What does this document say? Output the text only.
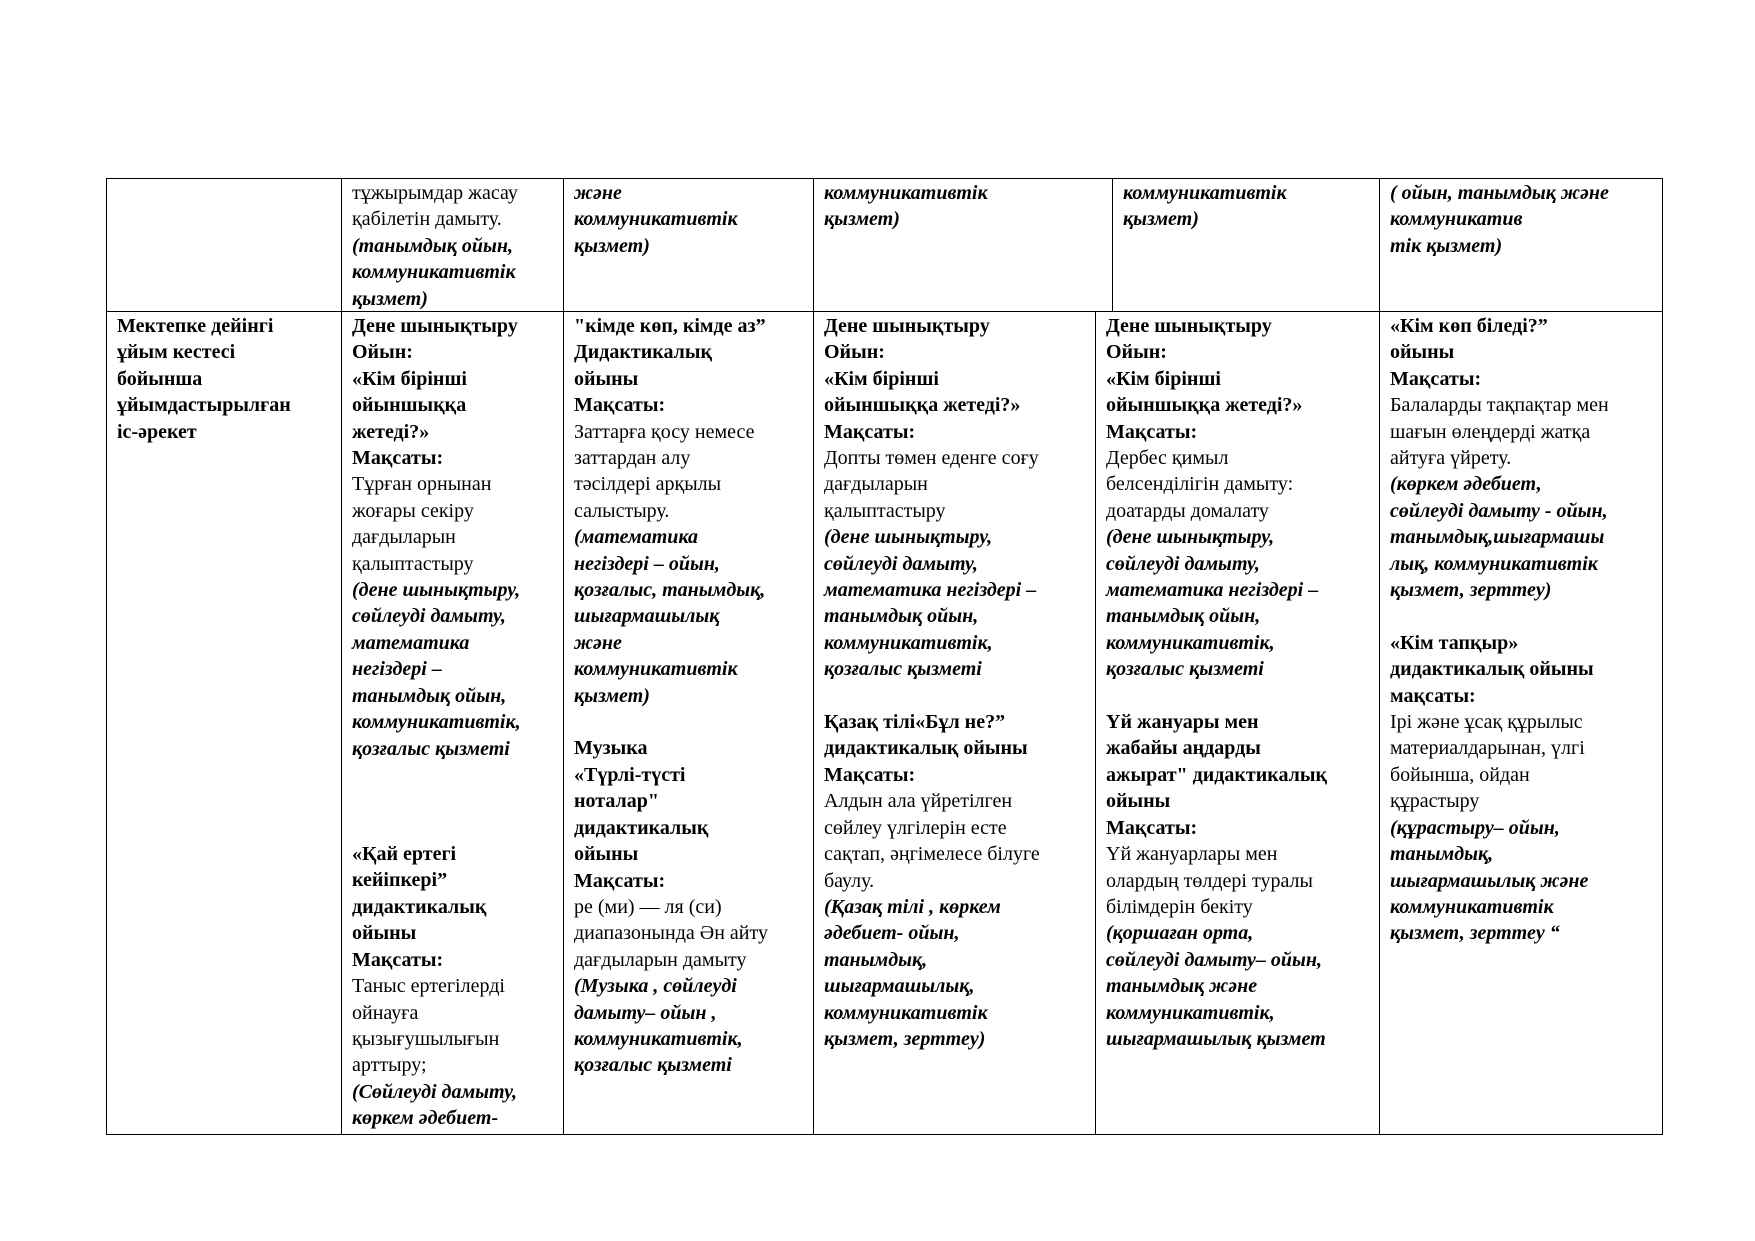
тұжырымдар жасау
қабілетін дамыту.
(танымдық ойын,
коммуникативтік
қызмет)
және
коммуникативтік
қызмет)
коммуникативтік
қызмет)
коммуникативтік
қызмет)
( ойын, танымдық және
коммуникатив
тік қызмет)
Мектепке дейінгі
ұйым кестесі
бойынша
ұйымдастырылған
іс-әрекет
Дене шынықтыру
Ойын:
«Кім бірінші
ойыншыққа
жетеді?»
Мақсаты:
Тұрған орнынан
жоғары секіру
дағдыларын
қалыптастыру
(дене шынықтыру,
сөйлеуді дамыту,
математика
негіздері –
танымдық ойын,
коммуникативтік,
қозғалыс қызметі
«Қай ертегі
кейіпкері”
дидактикалық
ойыны
Мақсаты:
Таныс ертегілерді
ойнауға
қызығушылығын
арттыру;
(Сөйлеуді дамыту,
көркем әдебиет-
"кімде көп, кімде аз”
Дидактикалық
ойыны
Мақсаты:
Заттарға қосу немесе
заттардан алу
тәсілдері арқылы
салыстыру.
(математика
негіздері – ойын,
қозғалыс, танымдық,
шығармашылық
және
коммуникативтік
қызмет)
Музыка
«Түрлі-түсті
ноталар"
дидактикалық
ойыны
Мақсаты:
ре (ми) — ля (си)
диапазонында Ән айту
дағдыларын дамыту
(Музыка , сөйлеуді
дамыту– ойын ,
коммуникативтік,
қозғалыс қызметі
Дене шынықтыру
Ойын:
«Кім бірінші
ойыншыққа жетеді?»
Мақсаты:
Допты төмен еденге соғу
дағдыларын
қалыптастыру
(дене шынықтыру,
сөйлеуді дамыту,
математика негіздері –
танымдық ойын,
коммуникативтік,
қозғалыс қызметі
Қазақ тілі«Бұл не?”
дидактикалық ойыны
Мақсаты:
Алдын ала үйретілген
сөйлеу үлгілерін есте
сақтап, әңгімелесе білуге
баулу.
(Қазақ тілі , көркем
әдебиет- ойын,
танымдық,
шығармашылық,
коммуникативтік
қызмет, зерттеу)
Дене шынықтыру
Ойын:
«Кім бірінші
ойыншыққа жетеді?»
Мақсаты:
Дербес қимыл
белсенділігін дамыту:
доатарды домалату
(дене шынықтыру,
сөйлеуді дамыту,
математика негіздері –
танымдық ойын,
коммуникативтік,
қозғалыс қызметі
Үй жануары мен
жабайы аңдарды
ажырат" дидактикалық
ойыны
Мақсаты:
Үй жануарлары мен
олардың төлдері туралы
білімдерін бекіту
(қоршаған орта,
сөйлеуді дамыту– ойын,
танымдық және
коммуникативтік,
шығармашылық қызмет
«Кім көп біледі?”
ойыны
Мақсаты:
Балаларды тақпақтар мен
шағын өлеңдерді жатқа
айтуға үйрету.
(көркем әдебиет,
сөйлеуді дамыту - ойын,
танымдық,шығармашы
лық, коммуникативтік
қызмет, зерттеу)
«Кім тапқыр»
дидактикалық ойыны
мақсаты:
Ірі және ұсақ құрылыс
материалдарынан, үлгі
бойынша, ойдан
құрастыру
(құрастыру– ойын,
танымдық,
шығармашылық және
коммуникативтік
қызмет, зерттеу “
